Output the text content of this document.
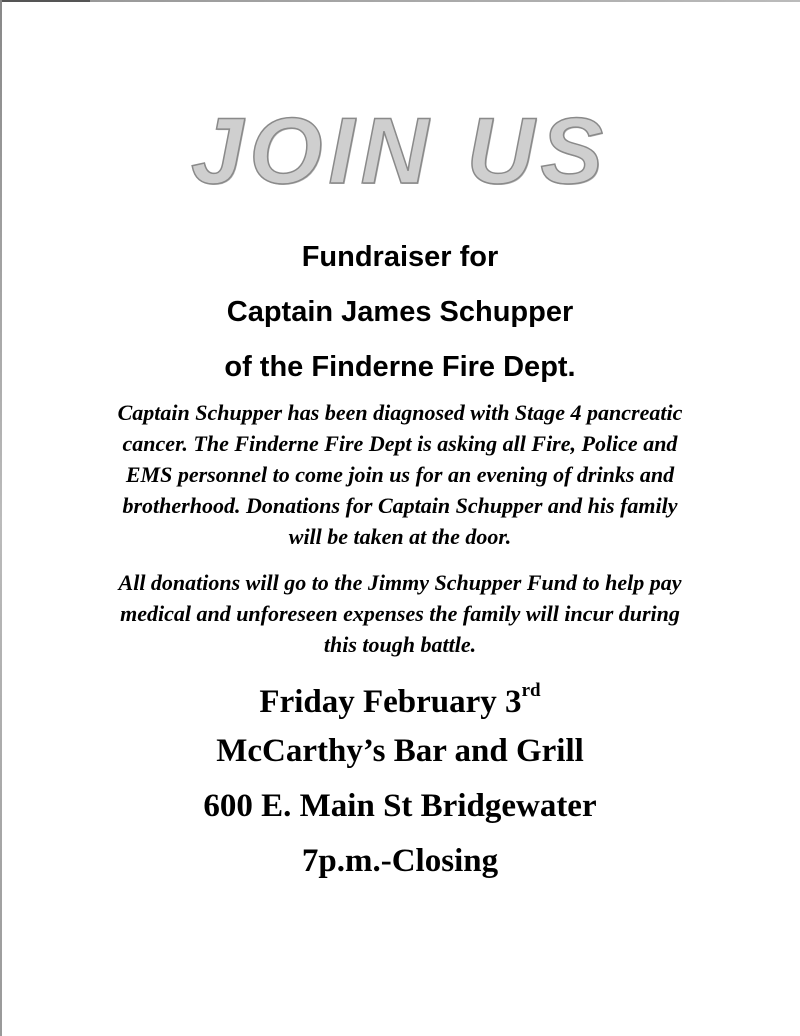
JOIN US
Fundraiser for
Captain James Schupper
of the Finderne Fire Dept.
Captain Schupper has been diagnosed with Stage 4 pancreatic
cancer. The Finderne Fire Dept is asking all Fire, Police and
EMS personnel to come join us for an evening of drinks and
brotherhood. Donations for Captain Schupper and his family
will be taken at the door.
All donations will go to the Jimmy Schupper Fund to help pay
medical and unforeseen expenses the family will incur during
this tough battle.
Friday February 3rd
McCarthy’s Bar and Grill
600 E. Main St Bridgewater
7p.m.-Closing
